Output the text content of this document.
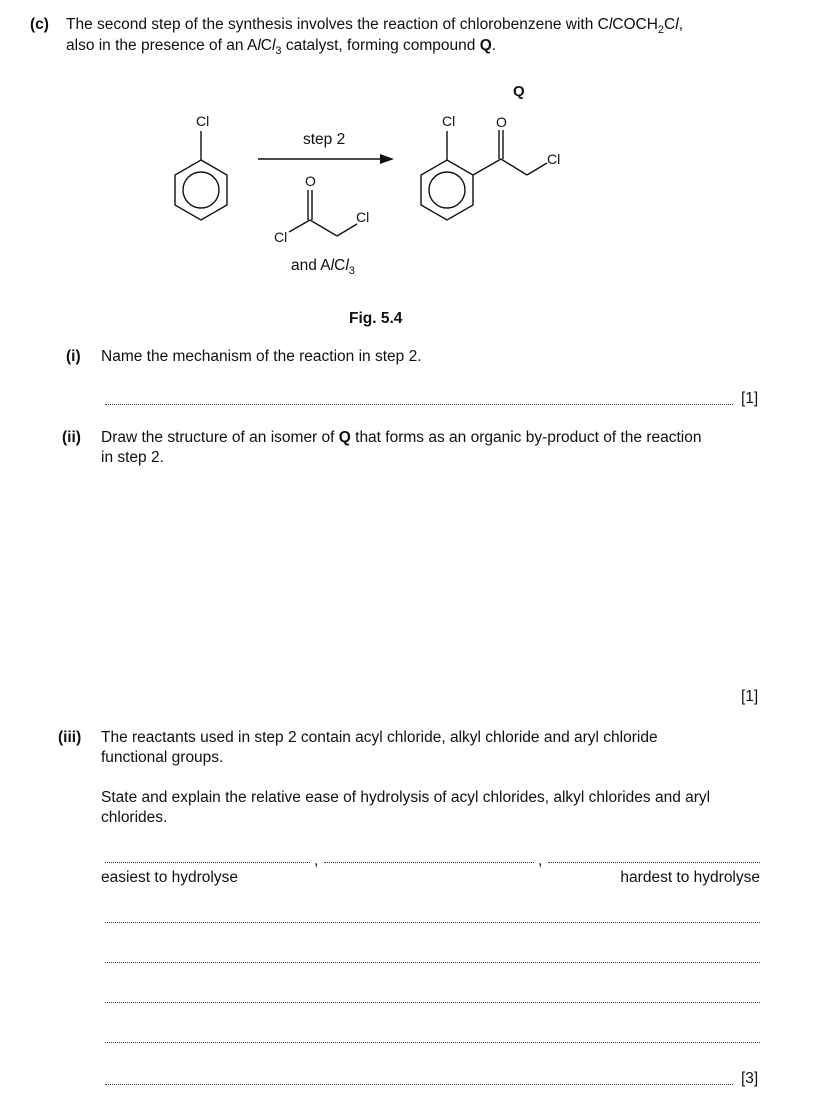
(c) The second step of the synthesis involves the reaction of chlorobenzene with ClCOCH$_2$Cl,
also in the presence of an AlCl$_3$ catalyst, forming compound Q.
Q
Cl
step 2
O
Cl
Cl
and AlCl$_3$
Cl	O
Cl
Fig. 5.4
(i) Name the mechanism of the reaction in step 2.
[1]
(ii) Draw the structure of an isomer of Q that forms as an organic by-product of the reaction
in step 2.
[1]
(iii) The reactants used in step 2 contain acyl chloride, alkyl chloride and aryl chloride
functional groups.
State and explain the relative ease of hydrolysis of acyl chlorides, alkyl chlorides and aryl
chlorides.
,	,
easiest to hydrolyse	hardest to hydrolyse
[3]
